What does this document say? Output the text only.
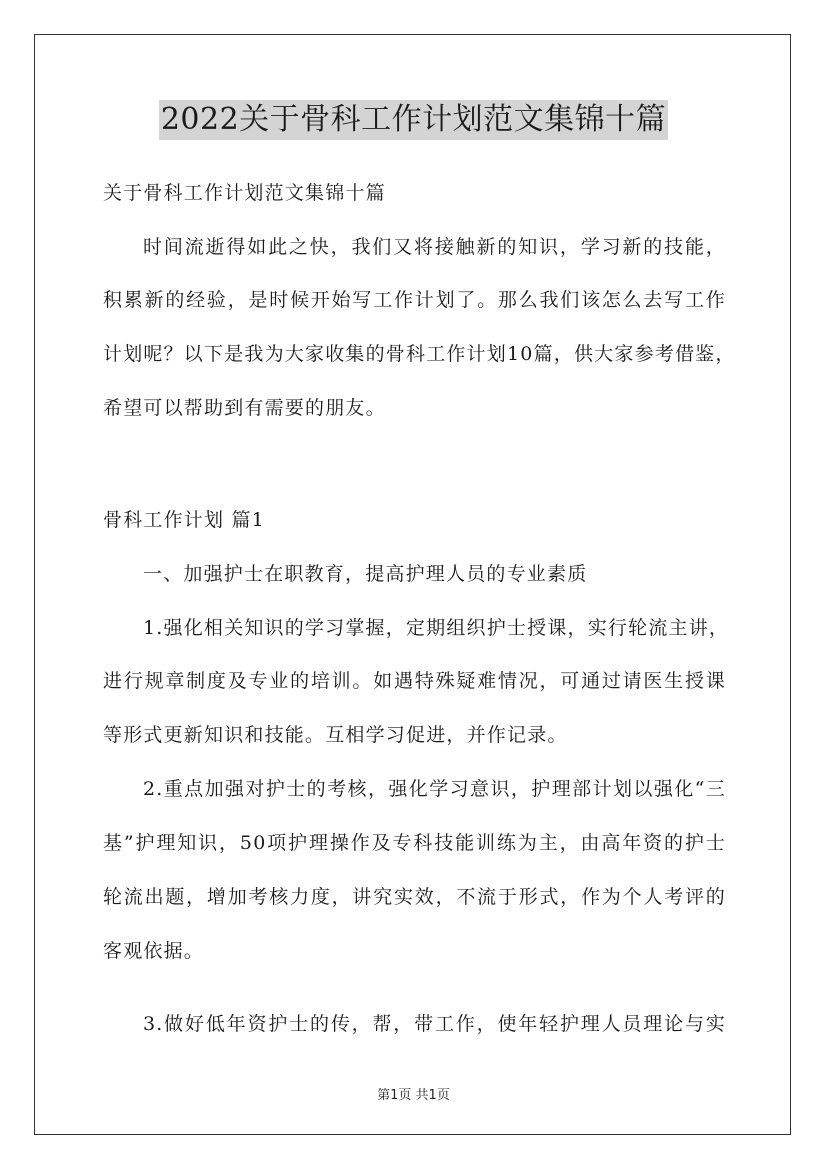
2022关于骨科工作计划范文集锦十篇
关于骨科工作计划范文集锦十篇
时间流逝得如此之快，我们又将接触新的知识，学习新的技能，
积累新的经验，是时候开始写工作计划了。那么我们该怎么去写工作
计划呢？以下是我为大家收集的骨科工作计划10篇，供大家参考借鉴，
希望可以帮助到有需要的朋友。
骨科工作计划 篇1
一、加强护士在职教育，提高护理人员的专业素质
1.强化相关知识的学习掌握，定期组织护士授课，实行轮流主讲，
进行规章制度及专业的培训。如遇特殊疑难情况，可通过请医生授课
等形式更新知识和技能。互相学习促进，并作记录。
2.重点加强对护士的考核，强化学习意识，护理部计划以强化“三
基”护理知识，50项护理操作及专科技能训练为主，由高年资的护士
轮流出题，增加考核力度，讲究实效，不流于形式，作为个人考评的
客观依据。
3.做好低年资护士的传，帮，带工作，使年轻护理人员理论与实
第1页 共1页
